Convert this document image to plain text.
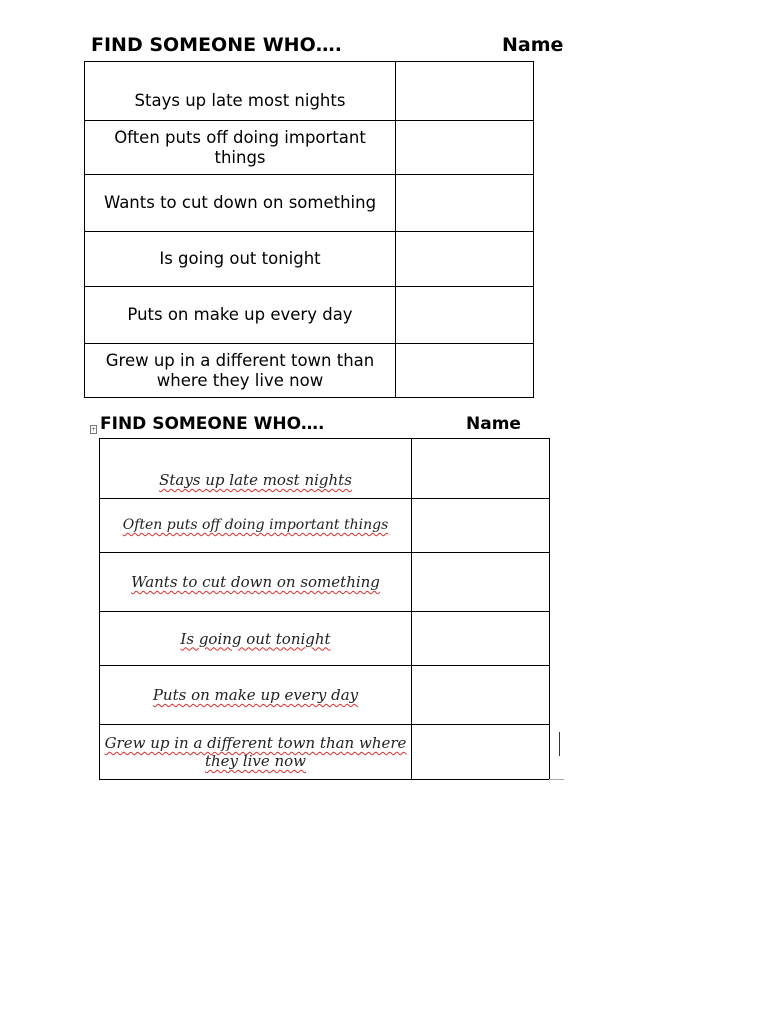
FIND SOMEONE WHO….	Name
Stays up late most nights	
Often puts off doing important things	
Wants to cut down on something	
Is going out tonight	
Puts on make up every day	
Grew up in a different town than where they live now	
+ FIND SOMEONE WHO….	Name
Stays up late most nights	
Often puts off doing important things	
Wants to cut down on something	
Is going out tonight	
Puts on make up every day	
Grew up in a different town than where they live now	
